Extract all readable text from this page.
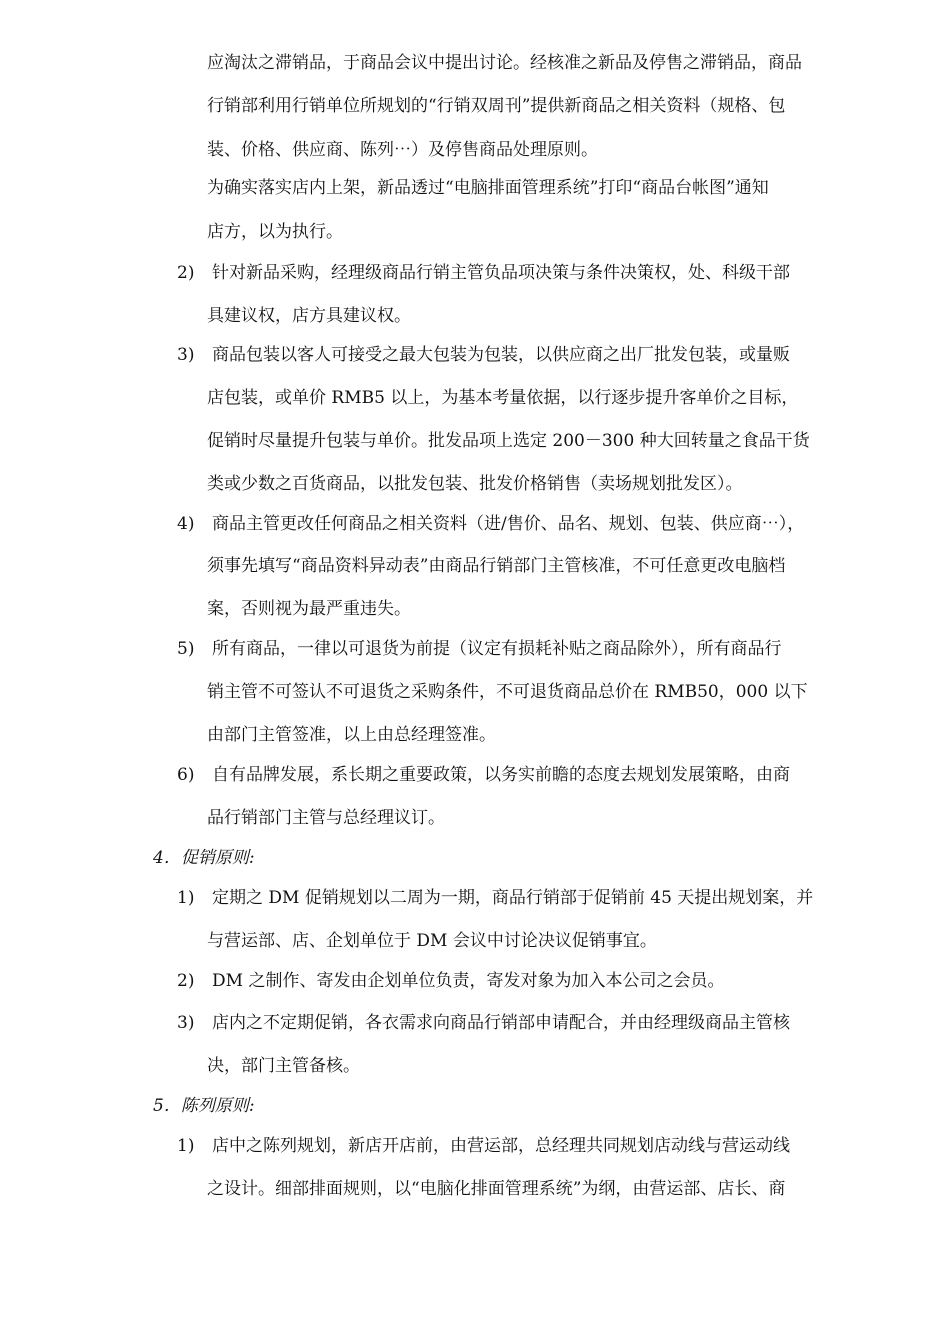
应淘汰之滞销品，于商品会议中提出讨论。经核准之新品及停售之滞销品，商品
行销部利用行销单位所规划的“行销双周刊”提供新商品之相关资料（规格、包
装、价格、供应商、陈列⋯）及停售商品处理原则。
为确实落实店内上架，新品透过“电脑排面管理系统”打印“商品台帐图”通知
店方，以为执行。
2) 针对新品采购，经理级商品行销主管负品项决策与条件决策权，处、科级干部
具建议权，店方具建议权。
3) 商品包装以客人可接受之最大包装为包装，以供应商之出厂批发包装，或量贩
店包装，或单价 RMB5 以上，为基本考量依据，以行逐步提升客单价之目标，
促销时尽量提升包装与单价。批发品项上选定 200－300 种大回转量之食品干货
类或少数之百货商品，以批发包装、批发价格销售（卖场规划批发区）。
4) 商品主管更改任何商品之相关资料（进/售价、品名、规划、包装、供应商⋯），
须事先填写“商品资料异动表”由商品行销部门主管核准，不可任意更改电脑档
案，否则视为最严重违失。
5) 所有商品，一律以可退货为前提（议定有损耗补贴之商品除外），所有商品行
销主管不可签认不可退货之采购条件，不可退货商品总价在 RMB50，000 以下
由部门主管签准，以上由总经理签准。
6) 自有品牌发展，系长期之重要政策，以务实前瞻的态度去规划发展策略，由商
品行销部门主管与总经理议订。
4．促销原则:
1) 定期之 DM 促销规划以二周为一期，商品行销部于促销前 45 天提出规划案，并
与营运部、店、企划单位于 DM 会议中讨论决议促销事宜。
2) DM 之制作、寄发由企划单位负责，寄发对象为加入本公司之会员。
3) 店内之不定期促销，各衣需求向商品行销部申请配合，并由经理级商品主管核
决，部门主管备核。
5．陈列原则:
1) 店中之陈列规划，新店开店前，由营运部，总经理共同规划店动线与营运动线
之设计。细部排面规则，以“电脑化排面管理系统”为纲，由营运部、店长、商
